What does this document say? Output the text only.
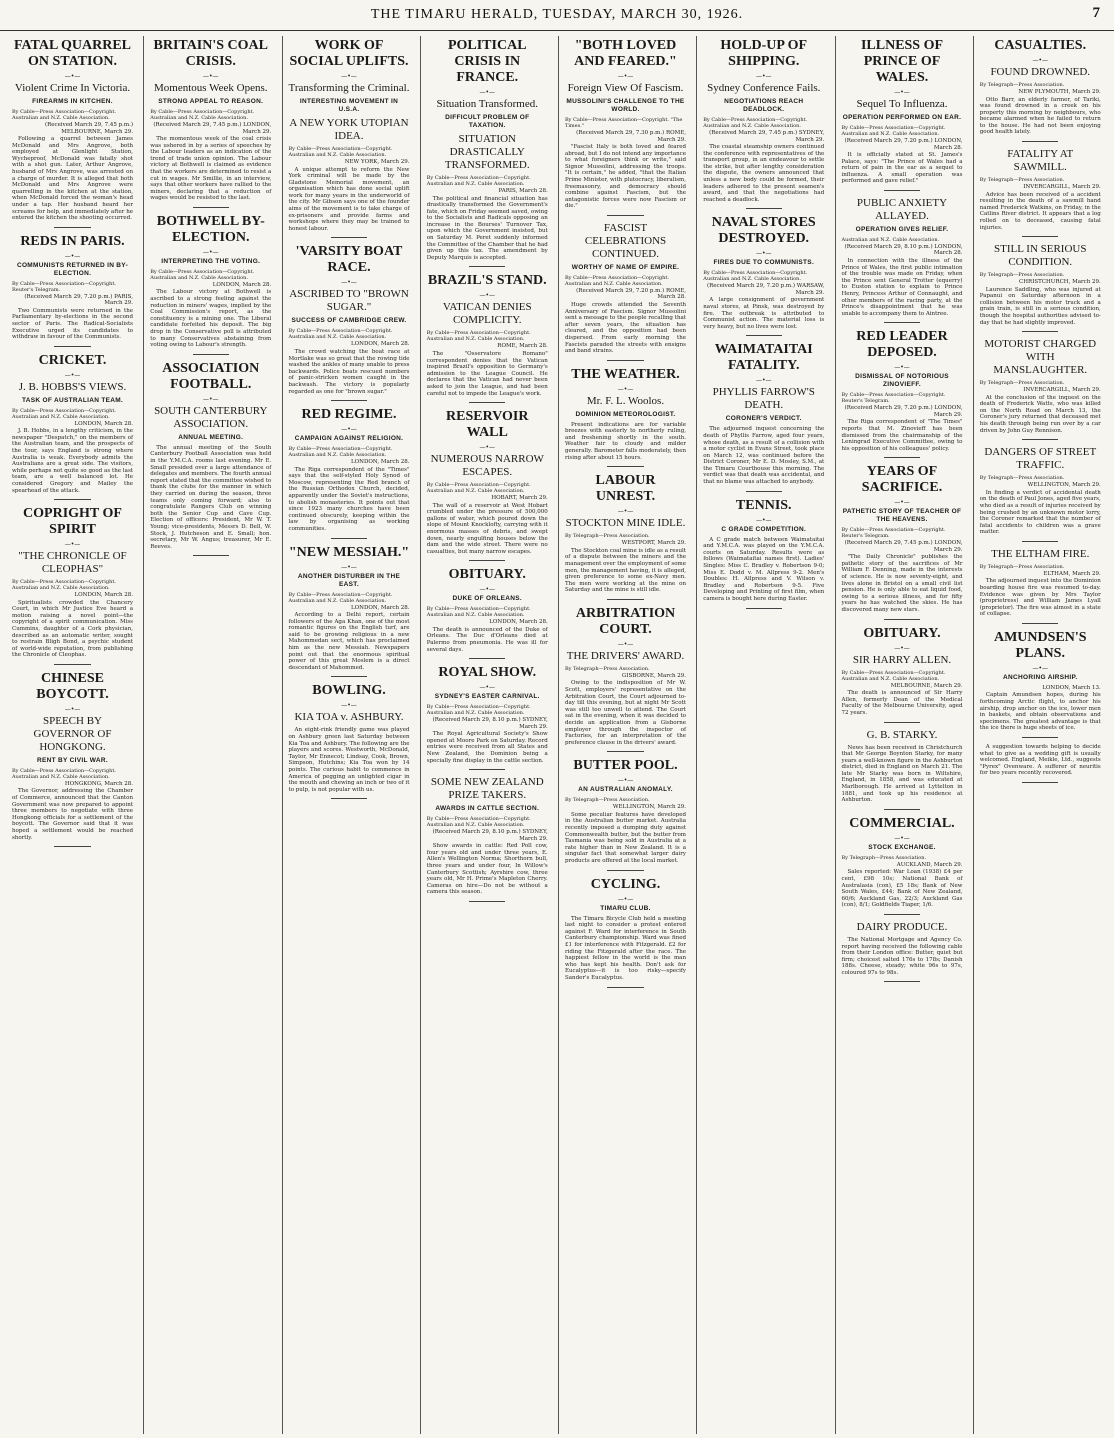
THE TIMARU HERALD, TUESDAY, MARCH 30, 1926.	7
FATAL QUARREL ON STATION.
—•—
Violent Crime In Victoria.
FIREARMS IN KITCHEN.
By Cable—Press Association—Copyright. Australian and N.Z. Cable Association.
(Received March 29, 7.45 p.m.) MELBOURNE, March 29.
Following a quarrel between James McDonald and Mrs Angrove, both employed at Glenlight Station, Wycheproof, McDonald was fatally shot with a shot gun. Later, Arthur Angrove, husband of Mrs Angrove, was arrested on a charge of murder. It is alleged that both McDonald and Mrs Angrove were quarrelling in the kitchen at the station, when McDonald forced the woman's head under a tap. Her husband heard her screams for help, and immediately after he entered the kitchen the shooting occurred.
REDS IN PARIS.
—•—
COMMUNISTS RETURNED IN BY-ELECTION.
By Cable—Press Association—Copyright. Reuter's Telegram.
(Received March 29, 7.20 p.m.) PARIS, March 29.
Two Communists were returned in the Parliamentary by-elections in the second sector of Paris. The Radical-Socialists Executive urged its candidates to withdraw in favour of the Communists.
CRICKET.
—•—
J. B. HOBBS'S VIEWS.
TASK OF AUSTRALIAN TEAM.
By Cable—Press Association—Copyright. Australian and N.Z. Cable Association.
LONDON, March 28.
J. B. Hobbs, in a lengthy criticism, in the newspaper "Despatch," on the members of the Australian team, and the prospects of the tour, says England is strong where Australia is weak. Everybody admits the Australians are a great side. The visitors, while perhaps not quite so good as the last team, are a well balanced lot. He considered Gregory and Mailey the spearhead of the attack.
COPRIGHT OF SPIRIT
—•—
"THE CHRONICLE OF CLEOPHAS"
By Cable—Press Association—Copyright. Australian and N.Z. Cable Association.
LONDON, March 28.
Spiritualists crowded the Chancery Court, in which Mr Justice Eve heard a motion raising a novel point—the copyright of a spirit communication. Miss Cummins, daughter of a Cork physician, described as an automatic writer, sought to restrain Bligh Bond, a psychic student of world-wide reputation, from publishing the Chronicle of Cleophas.
CHINESE BOYCOTT.
—•—
SPEECH BY GOVERNOR OF HONGKONG.
RENT BY CIVIL WAR.
By Cable—Press Association—Copyright. Australian and N.Z. Cable Association.
HONGKONG, March 28.
The Governor, addressing the Chamber of Commerce, announced that the Canton Government was now prepared to appoint three members to negotiate with three Hongkong officials for a settlement of the boycott. The Governor said that it was hoped a settlement would be reached shortly.
BRITAIN'S COAL CRISIS.
—•—
Momentous Week Opens.
STRONG APPEAL TO REASON.
By Cable—Press Association—Copyright. Australian and N.Z. Cable Association.
(Received March 29, 7.45 p.m.) LONDON, March 29.
The momentous week of the coal crisis was ushered in by a series of speeches by the Labour leaders as an indication of the trend of trade union opinion. The Labour victory at Bothwell is claimed as evidence that the workers are determined to resist a cut in wages. Mr Smillie, in an interview, says that other workers have rallied to the miners, declaring that a reduction of wages would be resisted to the last.
BOTHWELL BY-ELECTION.
—•—
INTERPRETING THE VOTING.
By Cable—Press Association—Copyright. Australian and N.Z. Cable Association.
LONDON, March 28.
The Labour victory at Bothwell is ascribed to a strong feeling against the reduction in miners' wages, implied by the Coal Commission's report, as the constituency is a mining one. The Liberal candidate forfeited his deposit. The big drop in the Conservative poll is attributed to many Conservatives abstaining from voting owing to Labour's strength.
ASSOCIATION FOOTBALL.
—•—
SOUTH CANTERBURY ASSOCIATION.
ANNUAL MEETING.
The annual meeting of the South Canterbury Football Association was held in the Y.M.C.A. rooms last evening. Mr E. Small presided over a large attendance of delegates and members. The fourth annual report stated that the committee wished to thank the clubs for the manner in which they carried on during the season, three teams only coming forward; also to congratulate Rangers Club on winning both the Senior Cup and Cave Cup. Election of officers: President, Mr W. T. Young; vice-presidents, Messrs D. Bell, W. Stock, J. Hutcheson and E. Small; hon. secretary, Mr W. Angus; treasurer, Mr E. Reeves.
WORK OF SOCIAL UPLIFTS.
—•—
Transforming the Criminal.
INTERESTING MOVEMENT IN U.S.A.
A NEW YORK UTOPIAN IDEA.
By Cable—Press Association—Copyright. Australian and N.Z. Cable Association.
NEW YORK, March 29.
A unique attempt to reform the New York criminal will be made by the Gladstone Memorial movement, an organisation which has done social uplift work for many years in the underworld of the city. Mr Gibson says one of the founder aims of the movement is to take charge of ex-prisoners and provide farms and workshops where they may be trained to honest labour.
'VARSITY BOAT RACE.
—•—
ASCRIBED TO "BROWN SUGAR."
SUCCESS OF CAMBRIDGE CREW.
By Cable—Press Association—Copyright. Australian and N.Z. Cable Association.
LONDON, March 28.
The crowd watching the boat race at Mortlake was so great that the rowing tide washed the ankles of many unable to press backwards. Police boats rescued numbers of panic-stricken women caught in the backwash. The victory is popularly regarded as one for "brown sugar."
RED REGIME.
—•—
CAMPAIGN AGAINST RELIGION.
By Cable—Press Association—Copyright. Australian and N.Z. Cable Association.
LONDON, March 28.
The Riga correspondent of the "Times" says that the self-styled Holy Synod of Moscow, representing the Red branch of the Russian Orthodox Church, decided, apparently under the Soviet's instructions, to abolish monasteries. It points out that since 1923 many churches have been continued obscurely, keeping within the law by organising as working communities.
"NEW MESSIAH."
—•—
ANOTHER DISTURBER IN THE EAST.
By Cable—Press Association—Copyright. Australian and N.Z. Cable Association.
LONDON, March 28.
According to a Delhi report, certain followers of the Aga Khan, one of the most romantic figures on the English turf, are said to be growing religious in a new Mahommedan sect, which has proclaimed him as the new Messiah. Newspapers point out that the enormous spiritual power of this great Moslem is a direct descendant of Mahommed.
BOWLING.
—•—
KIA TOA v. ASHBURY.
An eight-rink friendly game was played on Ashbury green last Saturday between Kia Toa and Ashbury. The following are the players and scores. Westworth, McDonald, Taylor, Mr Ennecot; Lindsay, Cook, Brown, Simpson, Hutchins; Kia Toa won by 14 points. The curious habit to commence in America of pegging an unlighted cigar in the mouth and chewing an inch or two of it to pulp, is not popular with us.
POLITICAL CRISIS IN FRANCE.
—•—
Situation Transformed.
DIFFICULT PROBLEM OF TAXATION.
SITUATION DRASTICALLY TRANSFORMED.
By Cable—Press Association—Copyright. Australian and N.Z. Cable Association.
PARIS, March 28.
The political and financial situation has drastically transformed the Government's fate, which on Friday seemed saved, owing to the Socialists and Radicals opposing an increase in the Bourses' Turnover Tax, upon which the Government insisted, but on Saturday M. Peret suddenly informed the Committee of the Chamber that he had given up this tax. The amendment by Deputy Marquis is accepted.
BRAZIL'S STAND.
—•—
VATICAN DENIES COMPLICITY.
By Cable—Press Association—Copyright. Australian and N.Z. Cable Association.
ROME, March 28.
The "Osservatore Romano" correspondent denies that the Vatican inspired Brazil's opposition to Germany's admission to the League Council. He declares that the Vatican had never been asked to join the League, and had been careful not to impede the League's work.
RESERVOIR WALL
—•—
NUMEROUS NARROW ESCAPES.
By Cable—Press Association—Copyright. Australian and N.Z. Cable Association.
HOBART, March 29.
The wall of a reservoir at West Hobart crumbled under the pressure of 500,000 gallons of water, which poured down the slope of Mount Knocklofty, carrying with it enormous masses of debris, and swept down, nearly engulfing houses below the dam and the wide street. There were no casualties, but many narrow escapes.
OBITUARY.
—•—
DUKE OF ORLEANS.
By Cable—Press Association—Copyright. Australian and N.Z. Cable Association.
LONDON, March 28.
The death is announced of the Duke of Orleans. The Duc d'Orleans died at Palermo from pneumonia. He was ill for several days.
ROYAL SHOW.
—•—
SYDNEY'S EASTER CARNIVAL.
By Cable—Press Association—Copyright. Australian and N.Z. Cable Association.
(Received March 29, 8.10 p.m.) SYDNEY, March 29.
The Royal Agricultural Society's Show opened at Moore Park on Saturday. Record entries were received from all States and New Zealand, the Dominion being a specially fine display in the cattle section.
SOME NEW ZEALAND PRIZE TAKERS.
AWARDS IN CATTLE SECTION.
By Cable—Press Association—Copyright. Australian and N.Z. Cable Association.
(Received March 29, 8.10 p.m.) SYDNEY, March 29.
Show awards in cattle: Red Poll cow, four years old and under three years, E. Allen's Wellington Norma; Shorthorn bull, three years and under four, In Willow's Canterbury Scottish; Ayrshire cow, three years old, Mr H. Prime's Mapleton Cherry. Cameras on hire—Do not be without a camera this season.
"BOTH LOVED AND FEARED."
—•—
Foreign View Of Fascism.
MUSSOLINI'S CHALLENGE TO THE WORLD.
By Cable—Press Association—Copyright. "The Times."
(Received March 29, 7.30 p.m.) ROME, March 29.
"Fascist Italy is both loved and feared abroad, but I do not intend any importance to what foreigners think or write," said Signor Mussolini, addressing the troops. "It is certain," he added, "that the Italian Prime Minister, with plutocracy, liberalism, freemasonry, and democracy should combine against Fascism, but the antagonistic forces were now Fascism or die."
FASCIST CELEBRATIONS CONTINUED.
WORTHY OF NAME OF EMPIRE.
By Cable—Press Association—Copyright. Australian and N.Z. Cable Association.
(Received March 29, 7.20 p.m.) ROME, March 28.
Huge crowds attended the Seventh Anniversary of Fascism. Signor Mussolini sent a message to the people recalling that after seven years, the situation has cleared, and the opposition had been dispersed. From early morning the Fascists paraded the streets with ensigns and band strains.
THE WEATHER.
—•—
Mr. F. L. Woolos.
DOMINION METEOROLOGIST.
Present indications are for variable breezes with easterly to northerly ruling, and freshening shortly in the south. Weather fair to cloudy and milder generally. Barometer falls moderately, then rising after about 15 hours.
LABOUR UNREST.
—•—
STOCKTON MINE IDLE.
By Telegraph—Press Association.
WESTPORT, March 29.
The Stockton coal mine is idle as a result of a dispute between the miners and the management over the employment of some men, the management having, it is alleged, given preference to some ex-Navy men. The men were working at the mine on Saturday and the mine is still idle.
ARBITRATION COURT.
—•—
THE DRIVERS' AWARD.
By Telegraph—Press Association.
GISBORNE, March 29.
Owing to the indisposition of Mr W. Scott, employers' representative on the Arbitration Court, the Court adjourned to-day till this evening, but at night Mr Scott was still too unwell to attend. The Court sat in the evening, when it was decided to decide an application from a Gisborne employer through the inspector of Factories, for an interpretation of the preference clause in the drivers' award.
BUTTER POOL.
—•—
AN AUSTRALIAN ANOMALY.
By Telegraph—Press Association.
WELLINGTON, March 29.
Some peculiar features have developed in the Australian butter market. Australia recently imposed a dumping duty against Commonwealth butter, but the butter from Tasmania was being sold in Australia at a rate higher than in New Zealand. It is a singular fact that somewhat larger dairy products are offered at the local market.
CYCLING.
—•—
TIMARU CLUB.
The Timaru Bicycle Club held a meeting last night to consider a protest entered against F. Ward for interference in South Canterbury championship. Ward was fined £1 for interference with Fitzgerald. £2 for riding the Fitzgerald after the race. The happiest fellow in the world is the man who has kept his health. Don't ask for Eucalyptus—it is too risky—specify Sander's Eucalyptus.
HOLD-UP OF SHIPPING.
—•—
Sydney Conference Fails.
NEGOTIATIONS REACH DEADLOCK.
By Cable—Press Association—Copyright. Australian and N.Z. Cable Association.
(Received March 29, 7.45 p.m.) SYDNEY, March 29.
The coastal steamship owners continued the conference with representatives of the transport group, in an endeavour to settle the strike, but after lengthy consideration the dispute, the owners announced that unless a new body could be formed, their leaders adhered to the present seamen's award, and that the negotiations had reached a deadlock.
NAVAL STORES DESTROYED.
—•—
FIRES DUE TO COMMUNISTS.
By Cable—Press Association—Copyright. Australian and N.Z. Cable Association.
(Received March 29, 7.20 p.m.) WARSAW, March 29.
A large consignment of government naval stores, at Pinsk, was destroyed by fire. The outbreak is attributed to Communist action. The material loss is very heavy, but no lives were lost.
WAIMATAITAI FATALITY.
—•—
PHYLLIS FARROW'S DEATH.
CORONER'S VERDICT.
The adjourned inquest concerning the death of Phyllis Farrow, aged four years, whose death, as a result of a collision with a motor cyclist in Evans Street, took place on March 12, was continued before the District Coroner, Mr E. D. Mosley, S.M., at the Timaru Courthouse this morning. The verdict was that death was accidental, and that no blame was attached to anybody.
TENNIS.
—•—
C GRADE COMPETITION.
A C grade match between Waimataitai and Y.M.C.A. was played on the Y.M.C.A. courts on Saturday. Results were as follows (Waimataitai names first). Ladies' Singles: Miss C. Bradley v. Robertson 9-0; Miss E. Dodd v. M. Allpress 9-2. Men's Doubles: H. Allpress and V. Wilson v. Bradley and Robertson 9-5. Five Developing and Printing of first film, when camera is bought here during Easter.
ILLNESS OF PRINCE OF WALES.
—•—
Sequel To Influenza.
OPERATION PERFORMED ON EAR.
By Cable—Press Association—Copyright. Australian and N.Z. Cable Association.
(Received March 29, 7.20 p.m.) LONDON, March 28.
It is officially stated at St. James's Palace, says: "The Prince of Wales had a return of pain in the ear as a sequel to influenza. A small operation was performed and gave relief."
PUBLIC ANXIETY ALLAYED.
OPERATION GIVES RELIEF.
Australian and N.Z. Cable Association.
(Received March 29, 8.10 p.m.) LONDON, March 28.
In connection with the illness of the Prince of Wales, the first public intimation of the trouble was made on Friday, when the Prince sent General Trotter (equerry) to Euston station to explain to Prince Henry, Princess Arthur of Connaught, and other members of the racing party, at the Prince's disappointment that he was unable to accompany them to Aintree.
RED LEADER DEPOSED.
—•—
DISMISSAL OF NOTORIOUS ZINOVIEFF.
By Cable—Press Association—Copyright. Reuter's Telegram.
(Received March 29, 7.20 p.m.) LONDON, March 29.
The Riga correspondent of "The Times" reports that M. Zinovieff has been dismissed from the chairmanship of the Leningrad Executive Committee, owing to his opposition of his colleagues' policy.
YEARS OF SACRIFICE.
—•—
PATHETIC STORY OF TEACHER OF THE HEAVENS.
By Cable—Press Association—Copyright. Reuter's Telegram.
(Received March 29, 7.45 p.m.) LONDON, March 29.
"The Daily Chronicle" publishes the pathetic story of the sacrifices of Mr William F. Denning, made in the interests of science. He is now seventy-eight, and lives alone in Bristol on a small civil list pension. He is only able to eat liquid food, owing to a serious illness, and for fifty years he has watched the skies. He has discovered many new stars.
OBITUARY.
—•—
SIR HARRY ALLEN.
By Cable—Press Association—Copyright. Australian and N.Z. Cable Association.
MELBOURNE, March 29.
The death is announced of Sir Harry Allen, formerly Dean of the Medical Faculty of the Melbourne University, aged 72 years.
G. B. STARKY.
News has been received in Christchurch that Mr George Boynton Starky, for many years a well-known figure in the Ashburton district, died in England on March 21. The late Mr Starky was born in Wiltshire, England, in 1858, and was educated at Marlborough. He arrived at Lyttelton in 1881, and took up his residence at Ashburton.
COMMERCIAL.
—•—
STOCK EXCHANGE.
By Telegraph—Press Association.
AUCKLAND, March 29.
Sales reported: War Loan (1938) £4 per cent, £98 10s; National Bank of Australasia (con), £5 18s; Bank of New South Wales, £44; Bank of New Zealand, 60/6; Auckland Gas, 22/3; Auckland Gas (con), 8/1; Goldfields Tiaper, 1/6.
DAIRY PRODUCE.
The National Mortgage and Agency Co. report having received the following cable from their London office: Butter, quiet but firm; choicest salted 176s to 178s; Danish 188s. Cheese, steady; white 96s to 97s, coloured 97s to 98s.
CASUALTIES.
—•—
FOUND DROWNED.
By Telegraph—Press Association.
NEW PLYMOUTH, March 29.
Otto Barr, an elderly farmer, of Tariki, was found drowned in a creek on his property this morning by neighbours, who became alarmed when he failed to return to the house. He had not been enjoying good health lately.
FATALITY AT SAWMILL.
By Telegraph—Press Association.
INVERCARGILL, March 29.
Advice has been received of a accident resulting in the death of a sawmill hand named Frederick Watkins, on Friday, in the Catlins River district. It appears that a log rolled on to deceased, causing fatal injuries.
STILL IN SERIOUS CONDITION.
By Telegraph—Press Association.
CHRISTCHURCH, March 29.
Laurence Saddling, who was injured at Papanui on Saturday afternoon in a collision between his motor truck and a grain train, is still in a serious condition, though the hospital authorities advised to-day that he had slightly improved.
MOTORIST CHARGED WITH MANSLAUGHTER.
By Telegraph—Press Association.
INVERCARGILL, March 29.
At the conclusion of the inquest on the death of Frederick Watts, who was killed on the North Road on March 13, the Coroner's jury returned that deceased met his death through being run over by a car driven by John Guy Rennison.
DANGERS OF STREET TRAFFIC.
By Telegraph—Press Association.
WELLINGTON, March 29.
In finding a verdict of accidental death on the death of Paul Jones, aged five years, who died as a result of injuries received by being crushed by an unknown motor lorry, the Coroner remarked that the number of fatal accidents to children was a grave matter.
THE ELTHAM FIRE.
By Telegraph—Press Association.
ELTHAM, March 29.
The adjourned inquest into the Dominion boarding house fire was resumed to-day. Evidence was given by Mrs Taylor (proprietress) and William James Lyall (proprietor). The fire was almost in a state of collapse.
AMUNDSEN'S PLANS.
—•—
ANCHORING AIRSHIP.
LONDON, March 13.
Captain Amundsen hopes, during his forthcoming Arctic flight, to anchor his airship, drop anchor on the ice, lower men in baskets, and obtain observations and specimens. The greatest advantage is that the ice there is huge sheets of ice.
A suggestion towards helping to decide what to give as a wedding gift is usually welcomed. England, Meikle, Ltd., suggests "Pyrex" Ovenware. A sufferer of neuritis for two years recently recovered.
